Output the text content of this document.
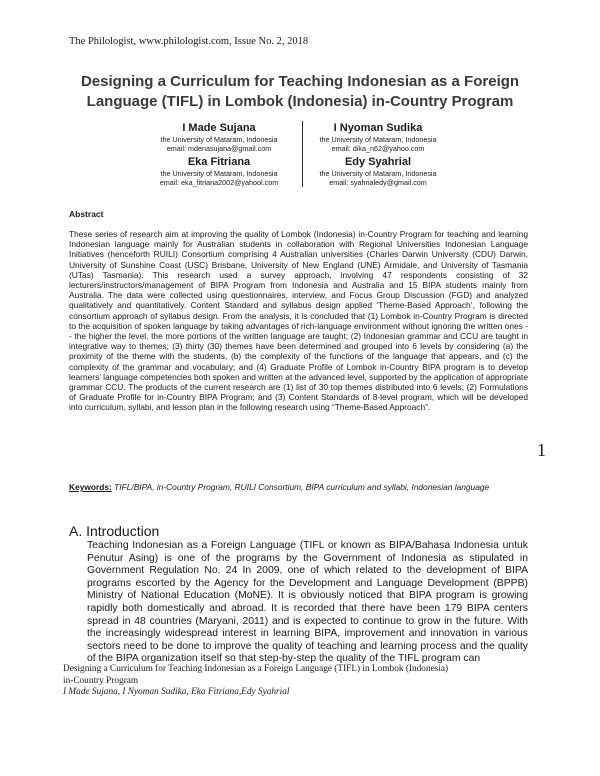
The Philologist, www.philologist.com, Issue No. 2, 2018
Designing a Curriculum for Teaching Indonesian as a Foreign Language (TIFL) in Lombok (Indonesia) in-Country Program
I Made Sujana
the University of Mataram, Indonesia
email: mdenasujana@gmail.com
I Nyoman Sudika
the University of Mataram, Indonesia
email: dika_n62@yahoo.com
Eka Fitriana
the University of Mataram, Indonesia
email: eka_fitriana2002@yahool.com
Edy Syahrial
the University of Mataram, Indonesia
email: syahrialedy@gmail.com
Abstract

These series of research aim at improving the quality of Lombok (Indonesia) in-Country Program for teaching and learning Indonesian language mainly for Australian students in collaboration with Regional Universities Indonesian Language Initiatives (henceforth RUILI) Consortium comprising 4 Australian universities (Charles Darwin University (CDU) Darwin, University of Sunshine Coast (USC) Brisbane, University of New England (UNE) Armidale, and University of Tasmania (UTas) Tasmania). This research used a survey approach, involving 47 respondents consisting of 32 lecturers/instructors/management of BIPA Program from Indonesia and Australia and 15 BIPA students mainly from Australia. The data were collected using questionnaires, interview, and Focus Group Discussion (FGD) and analyzed qualitatively and quantitatively. Content Standard and syllabus design applied ‘Theme-Based Approach’, following the consortium approach of syllabus design. From the analysis, it is concluded that (1) Lombok in-Country Program is directed to the acquisition of spoken language by taking advantages of rich-language environment without ignoring the written ones -- the higher the level, the more portions of the written language are taught; (2) Indonesian grammar and CCU are taught in integrative way to themes; (3) thirty (30) themes have been determined and grouped into 6 levels by considering (a) the proximity of the theme with the students, (b) the complexity of the functions of the language that appears, and (c) the complexity of the grammar and vocabulary; and (4) Graduate Profile of Lombok in-Country BIPA program is to develop learners’ language competencies both spoken and written at the advanced level, supported by the application of appropriate grammar CCU. The products of the current research are (1) list of 30 top themes distributed into 6 levels; (2) Formulations of Graduate Profile for in-Country BIPA Program; and (3) Content Standards of 8-level program, which will be developed into curriculum, syllabi, and lesson plan in the following research using “Theme-Based Approach”.

1

Keywords: TIFL/BIPA, in-Country Program, RUILI Consortium, BIPA curriculum and syllabi, Indonesian language

A. Introduction

Teaching Indonesian as a Foreign Language (TIFL or known as BIPA/Bahasa Indonesia untuk Penutur Asing) is one of the programs by the Government of Indonesia as stipulated in Government Regulation No. 24 In 2009, one of which related to the development of BIPA programs escorted by the Agency for the Development and Language Development (BPPB) Ministry of National Education (MoNE). It is obviously noticed that BIPA program is growing rapidly both domestically and abroad. It is recorded that there have been 179 BIPA centers spread in 48 countries (Maryani, 2011) and is expected to continue to grow in the future. With the increasingly widespread interest in learning BIPA, improvement and innovation in various sectors need to be done to improve the quality of teaching and learning process and the quality of the BIPA organization itself so that step-by-step the quality of the TIFL program can

Designing a Curriculum for Teaching Indonesian as a Foreign Language (TIFL) in Lombok (Indonesia)
in-Country Program
I Made Sujana, I Nyoman Sudika, Eka Fitriana,Edy Syahrial
